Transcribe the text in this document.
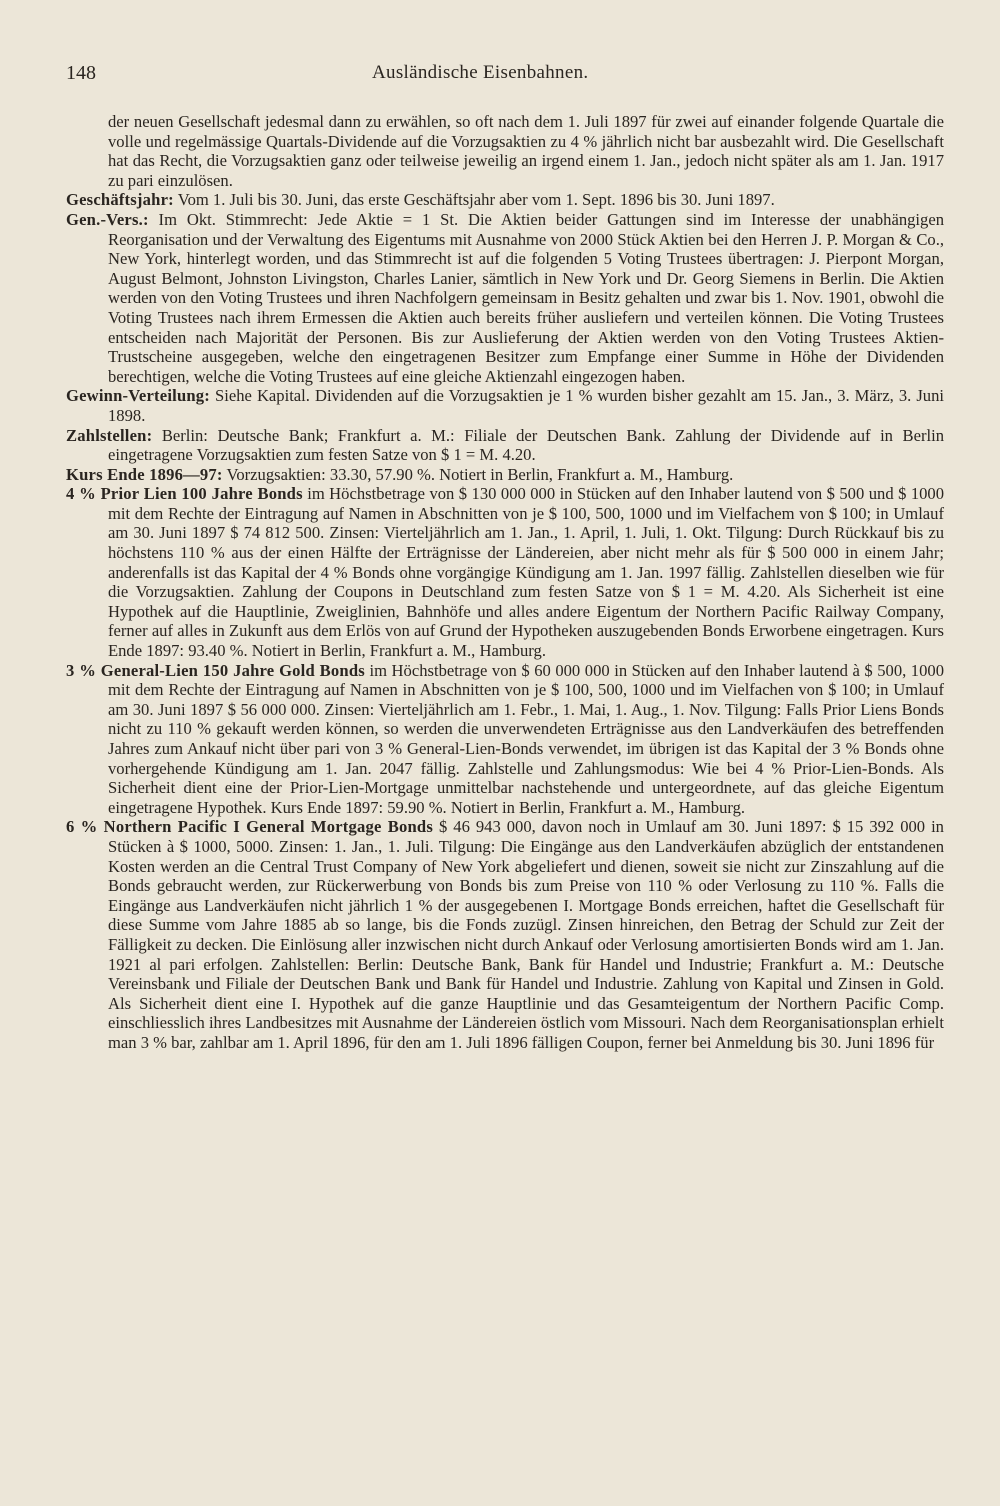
148	Ausländische Eisenbahnen.

der neuen Gesellschaft jedesmal dann zu erwählen, so oft nach dem 1. Juli 1897 für zwei auf einander folgende Quartale die volle und regelmässige Quartals-Dividende auf die Vorzugsaktien zu 4 % jährlich nicht bar ausbezahlt wird. Die Gesellschaft hat das Recht, die Vorzugsaktien ganz oder teilweise jeweilig an irgend einem 1. Jan., jedoch nicht später als am 1. Jan. 1917 zu pari einzulösen.

Geschäftsjahr: Vom 1. Juli bis 30. Juni, das erste Geschäftsjahr aber vom 1. Sept. 1896 bis 30. Juni 1897.

Gen.-Vers.: Im Okt. Stimmrecht: Jede Aktie = 1 St. Die Aktien beider Gattungen sind im Interesse der unabhängigen Reorganisation und der Verwaltung des Eigentums mit Ausnahme von 2000 Stück Aktien bei den Herren J. P. Morgan & Co., New York, hinterlegt worden, und das Stimmrecht ist auf die folgenden 5 Voting Trustees übertragen: J. Pierpont Morgan, August Belmont, Johnston Livingston, Charles Lanier, sämtlich in New York und Dr. Georg Siemens in Berlin. Die Aktien werden von den Voting Trustees und ihren Nachfolgern gemeinsam in Besitz gehalten und zwar bis 1. Nov. 1901, obwohl die Voting Trustees nach ihrem Ermessen die Aktien auch bereits früher ausliefern und verteilen können. Die Voting Trustees entscheiden nach Majorität der Personen. Bis zur Auslieferung der Aktien werden von den Voting Trustees Aktien-Trustscheine ausgegeben, welche den eingetragenen Besitzer zum Empfange einer Summe in Höhe der Dividenden berechtigen, welche die Voting Trustees auf eine gleiche Aktienzahl eingezogen haben.

Gewinn-Verteilung: Siehe Kapital. Dividenden auf die Vorzugsaktien je 1 % wurden bisher gezahlt am 15. Jan., 3. März, 3. Juni 1898.

Zahlstellen: Berlin: Deutsche Bank; Frankfurt a. M.: Filiale der Deutschen Bank. Zahlung der Dividende auf in Berlin eingetragene Vorzugsaktien zum festen Satze von $ 1 = M. 4.20.

Kurs Ende 1896—97: Vorzugsaktien: 33.30, 57.90 %. Notiert in Berlin, Frankfurt a. M., Hamburg.

4 % Prior Lien 100 Jahre Bonds im Höchstbetrage von $ 130 000 000 in Stücken auf den Inhaber lautend von $ 500 und $ 1000 mit dem Rechte der Eintragung auf Namen in Abschnitten von je $ 100, 500, 1000 und im Vielfachem von $ 100; in Umlauf am 30. Juni 1897 $ 74 812 500. Zinsen: Vierteljährlich am 1. Jan., 1. April, 1. Juli, 1. Okt. Tilgung: Durch Rückkauf bis zu höchstens 110 % aus der einen Hälfte der Erträgnisse der Ländereien, aber nicht mehr als für $ 500 000 in einem Jahr; anderenfalls ist das Kapital der 4 % Bonds ohne vorgängige Kündigung am 1. Jan. 1997 fällig. Zahlstellen dieselben wie für die Vorzugsaktien. Zahlung der Coupons in Deutschland zum festen Satze von $ 1 = M. 4.20. Als Sicherheit ist eine Hypothek auf die Hauptlinie, Zweiglinien, Bahnhöfe und alles andere Eigentum der Northern Pacific Railway Company, ferner auf alles in Zukunft aus dem Erlös von auf Grund der Hypotheken auszugebenden Bonds Erworbene eingetragen. Kurs Ende 1897: 93.40 %. Notiert in Berlin, Frankfurt a. M., Hamburg.

3 % General-Lien 150 Jahre Gold Bonds im Höchstbetrage von $ 60 000 000 in Stücken auf den Inhaber lautend à $ 500, 1000 mit dem Rechte der Eintragung auf Namen in Abschnitten von je $ 100, 500, 1000 und im Vielfachen von $ 100; in Umlauf am 30. Juni 1897 $ 56 000 000. Zinsen: Vierteljährlich am 1. Febr., 1. Mai, 1. Aug., 1. Nov. Tilgung: Falls Prior Liens Bonds nicht zu 110 % gekauft werden können, so werden die unverwendeten Erträgnisse aus den Landverkäufen des betreffenden Jahres zum Ankauf nicht über pari von 3 % General-Lien-Bonds verwendet, im übrigen ist das Kapital der 3 % Bonds ohne vorhergehende Kündigung am 1. Jan. 2047 fällig. Zahlstelle und Zahlungsmodus: Wie bei 4 % Prior-Lien-Bonds. Als Sicherheit dient eine der Prior-Lien-Mortgage unmittelbar nachstehende und untergeordnete, auf das gleiche Eigentum eingetragene Hypothek. Kurs Ende 1897: 59.90 %. Notiert in Berlin, Frankfurt a. M., Hamburg.

6 % Northern Pacific I General Mortgage Bonds $ 46 943 000, davon noch in Umlauf am 30. Juni 1897: $ 15 392 000 in Stücken à $ 1000, 5000. Zinsen: 1. Jan., 1. Juli. Tilgung: Die Eingänge aus den Landverkäufen abzüglich der entstandenen Kosten werden an die Central Trust Company of New York abgeliefert und dienen, soweit sie nicht zur Zinszahlung auf die Bonds gebraucht werden, zur Rückerwerbung von Bonds bis zum Preise von 110 % oder Verlosung zu 110 %. Falls die Eingänge aus Landverkäufen nicht jährlich 1 % der ausgegebenen I. Mortgage Bonds erreichen, haftet die Gesellschaft für diese Summe vom Jahre 1885 ab so lange, bis die Fonds zuzügl. Zinsen hinreichen, den Betrag der Schuld zur Zeit der Fälligkeit zu decken. Die Einlösung aller inzwischen nicht durch Ankauf oder Verlosung amortisierten Bonds wird am 1. Jan. 1921 al pari erfolgen. Zahlstellen: Berlin: Deutsche Bank, Bank für Handel und Industrie; Frankfurt a. M.: Deutsche Vereinsbank und Filiale der Deutschen Bank und Bank für Handel und Industrie. Zahlung von Kapital und Zinsen in Gold. Als Sicherheit dient eine I. Hypothek auf die ganze Hauptlinie und das Gesamteigentum der Northern Pacific Comp. einschliesslich ihres Landbesitzes mit Ausnahme der Ländereien östlich vom Missouri. Nach dem Reorganisationsplan erhielt man 3 % bar, zahlbar am 1. April 1896, für den am 1. Juli 1896 fälligen Coupon, ferner bei Anmeldung bis 30. Juni 1896 für
